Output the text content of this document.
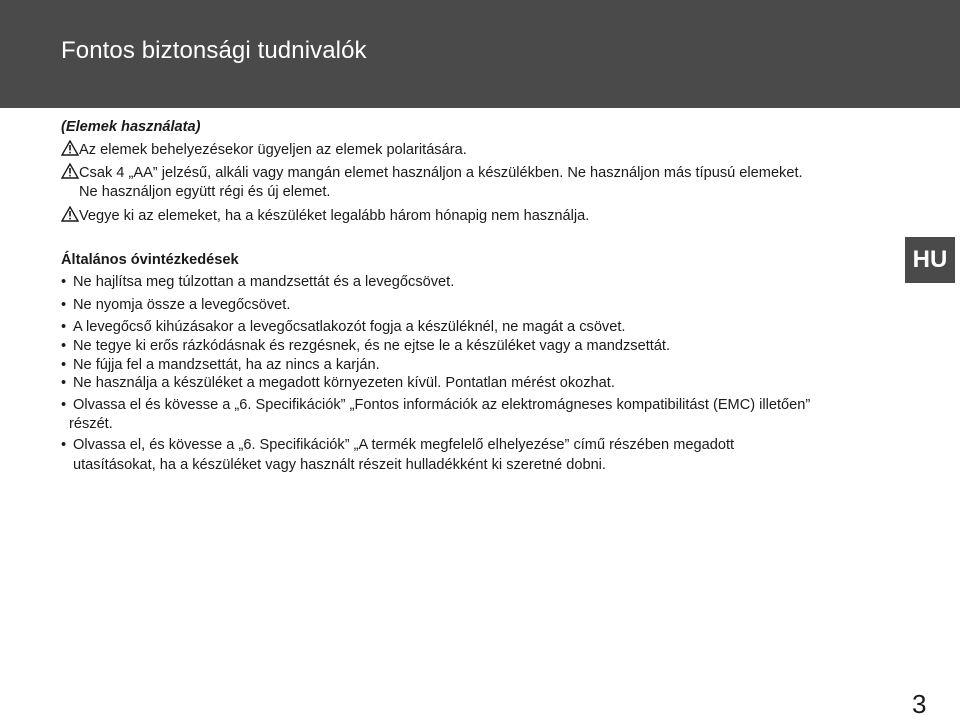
Fontos biztonsági tudnivalók
HU
(Elemek használata)
Az elemek behelyezésekor ügyeljen az elemek polaritására.
Csak 4 „AA” jelzésű, alkáli vagy mangán elemet használjon a készülékben. Ne használjon más típusú elemeket.
Ne használjon együtt régi és új elemet.
Vegye ki az elemeket, ha a készüléket legalább három hónapig nem használja.
Általános óvintézkedések
• Ne hajlítsa meg túlzottan a mandzsettát és a levegőcsövet.
• Ne nyomja össze a levegőcsövet.
• A levegőcső kihúzásakor a levegőcsatlakozót fogja a készüléknél, ne magát a csövet.
• Ne tegye ki erős rázkódásnak és rezgésnek, és ne ejtse le a készüléket vagy a mandzsettát.
• Ne fújja fel a mandzsettát, ha az nincs a karján.
• Ne használja a készüléket a megadott környezeten kívül. Pontatlan mérést okozhat.
• Olvassa el és kövesse a „6. Specifikációk” „Fontos információk az elektromágneses kompatibilitást (EMC) illetően”
részét.
• Olvassa el, és kövesse a „6. Specifikációk” „A termék megfelelő elhelyezése” című részében megadott
utasításokat, ha a készüléket vagy használt részeit hulladékként ki szeretné dobni.
3
